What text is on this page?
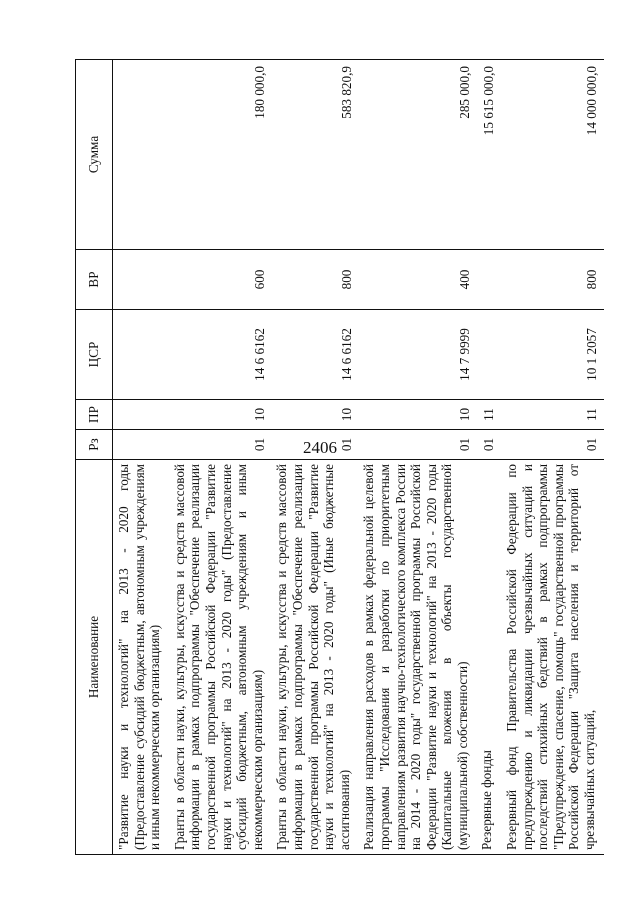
2406
Наименование	Рз	ПР	ЦСР	ВР	Сумма
"Развитие науки и технологий" на 2013 - 2020 годы (Предоставление субсидий бюджетным, автономным учреждениям и иным некоммерческим организациям)					
Гранты в области науки, культуры, искусства и средств массовой информации в рамках подпрограммы "Обеспечение реализации государственной программы Российской Федерации "Развитие науки и технологий" на 2013 - 2020 годы" (Предоставление субсидий бюджетным, автономным учреждениям и иным некоммерческим организациям)	01	10	14 6 6162	600	180 000,0
Гранты в области науки, культуры, искусства и средств массовой информации в рамках подпрограммы "Обеспечение реализации государственной программы Российской Федерации "Развитие науки и технологий" на 2013 - 2020 годы" (Иные бюджетные ассигнования)	01	10	14 6 6162	800	583 820,9
Реализация направления расходов в рамках федеральной целевой программы "Исследования и разработки по приоритетным направлениям развития научно-технологического комплекса России на 2014 - 2020 годы" государственной программы Российской Федерации "Развитие науки и технологий" на 2013 - 2020 годы (Капитальные вложения в объекты государственной (муниципальной) собственности)	01	10	14 7 9999	400	285 000,0
Резервные фонды	01	11			15 615 000,0
Резервный фонд Правительства Российской Федерации по предупреждению и ликвидации чрезвычайных ситуаций и последствий стихийных бедствий в рамках подпрограммы "Предупреждение, спасение, помощь" государственной программы Российской Федерации "Защита населения и территорий от чрезвычайных ситуаций,	01	11	10 1 2057	800	14 000 000,0
